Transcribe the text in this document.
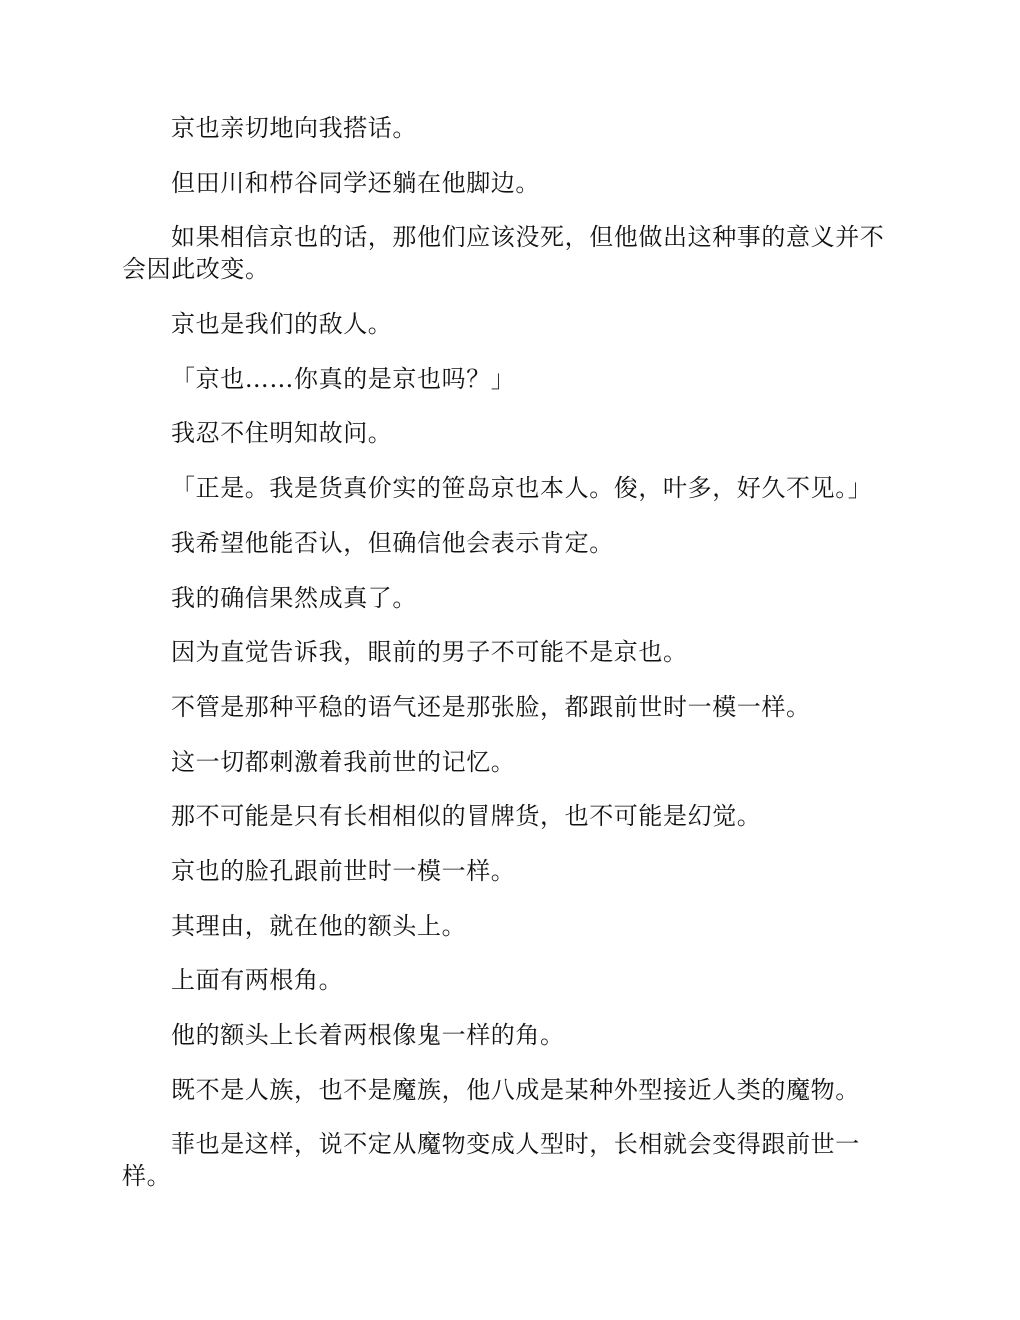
京也亲切地向我搭话。

但田川和栉谷同学还躺在他脚边。

如果相信京也的话，那他们应该没死，但他做出这种事的意义并不会因此改变。

京也是我们的敌人。

「京也……你真的是京也吗？」

我忍不住明知故问。

「正是。我是货真价实的笹岛京也本人。俊，叶多，好久不见。」

我希望他能否认，但确信他会表示肯定。

我的确信果然成真了。

因为直觉告诉我，眼前的男子不可能不是京也。

不管是那种平稳的语气还是那张脸，都跟前世时一模一样。

这一切都刺激着我前世的记忆。

那不可能是只有长相相似的冒牌货，也不可能是幻觉。

京也的脸孔跟前世时一模一样。

其理由，就在他的额头上。

上面有两根角。

他的额头上长着两根像鬼一样的角。

既不是人族，也不是魔族，他八成是某种外型接近人类的魔物。

菲也是这样，说不定从魔物变成人型时，长相就会变得跟前世一样。
